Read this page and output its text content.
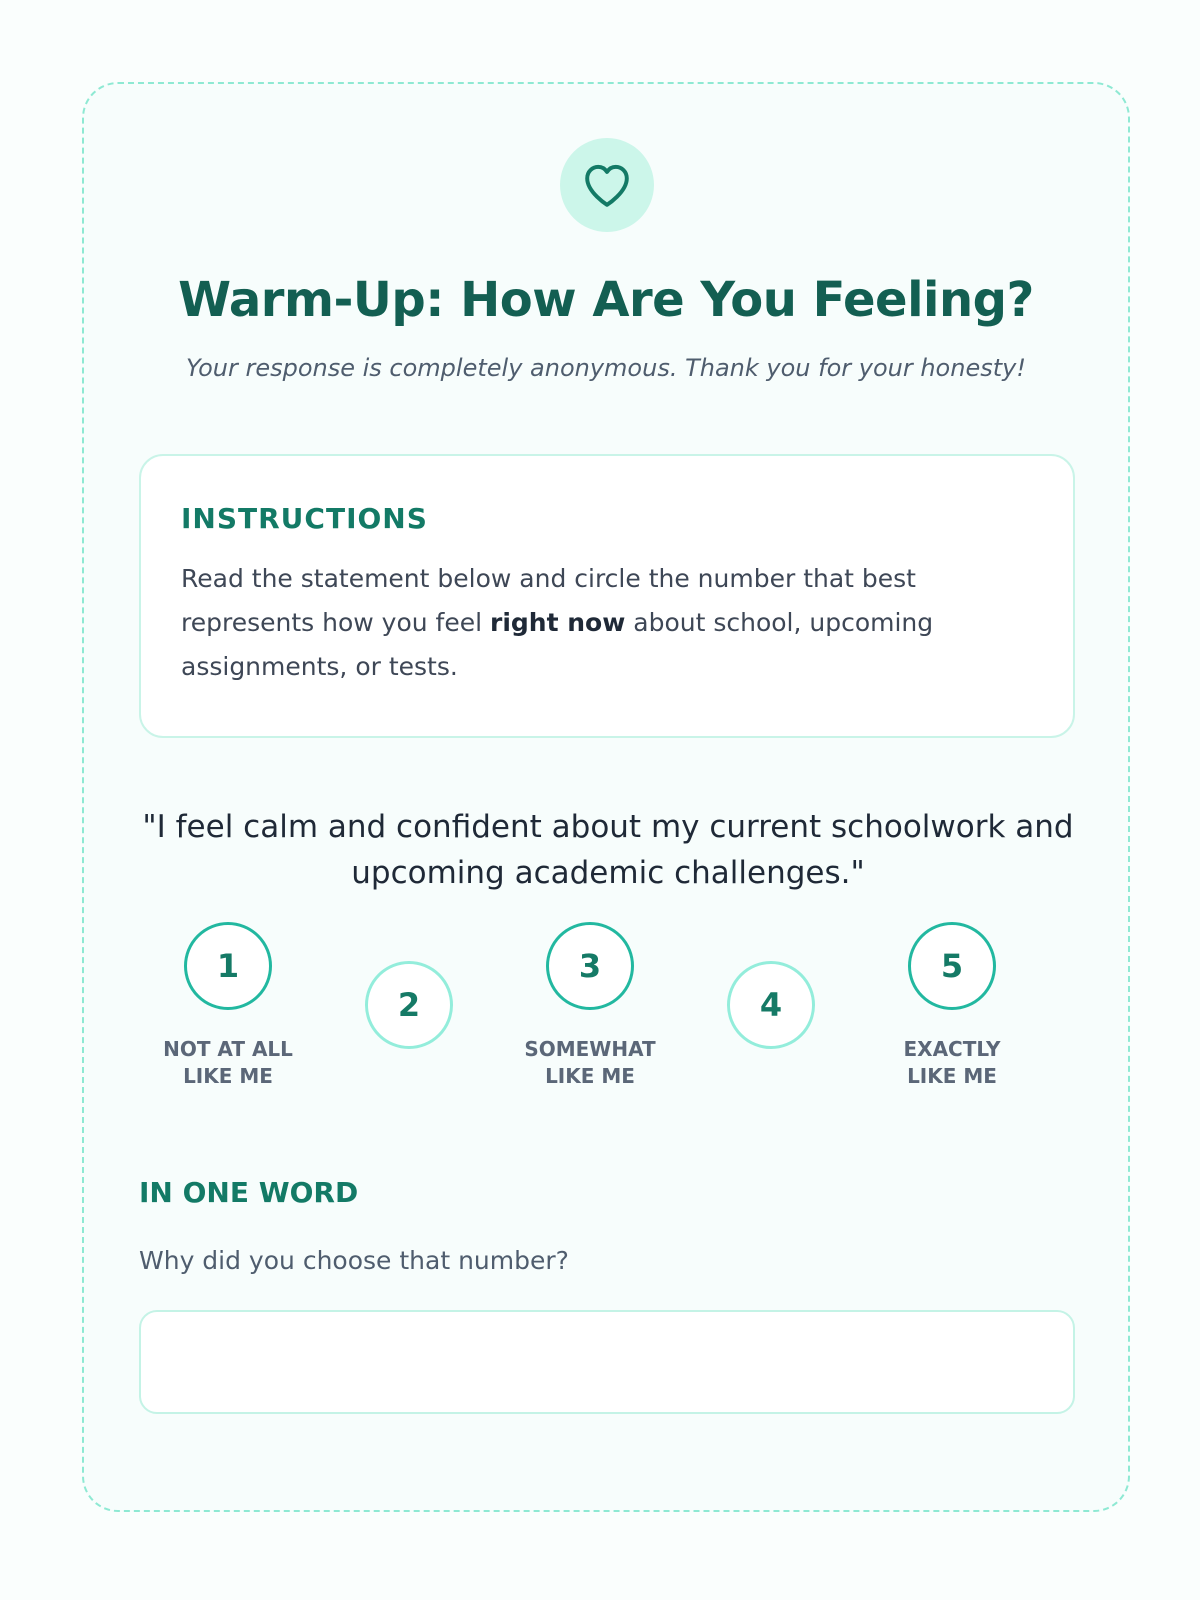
Warm-Up: How Are You Feeling?
Your response is completely anonymous. Thank you for your honesty!
INSTRUCTIONS
Read the statement below and circle the number that best represents how you feel right now about school, upcoming assignments, or tests.
"I feel calm and confident about my current schoolwork and upcoming academic challenges."
1
NOT AT ALL
LIKE ME
2
3
SOMEWHAT
LIKE ME
4
5
EXACTLY
LIKE ME
IN ONE WORD
Why did you choose that number?
